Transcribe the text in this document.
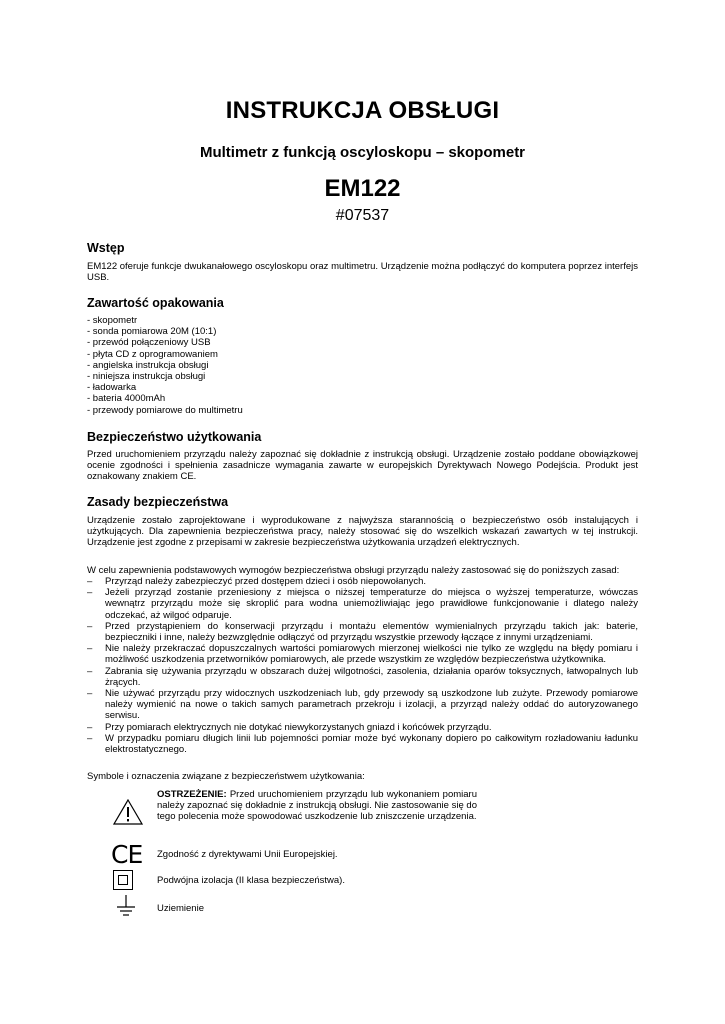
INSTRUKCJA OBSŁUGI
Multimetr z funkcją oscyloskopu – skopometr
EM122
#07537
Wstęp
EM122 oferuje funkcje dwukanałowego oscyloskopu oraz multimetru. Urządzenie można podłączyć do komputera poprzez interfejs USB.
Zawartość opakowania
- skopometr
- sonda pomiarowa 20M (10:1)
- przewód połączeniowy USB
- płyta CD z oprogramowaniem
- angielska instrukcja obsługi
- niniejsza instrukcja obsługi
- ładowarka
- bateria 4000mAh
- przewody pomiarowe do multimetru
Bezpieczeństwo użytkowania
Przed uruchomieniem przyrządu należy zapoznać się dokładnie z instrukcją obsługi. Urządzenie zostało poddane obowiązkowej ocenie zgodności i spełnienia zasadnicze wymagania zawarte w europejskich Dyrektywach Nowego Podejścia. Produkt jest oznakowany znakiem CE.
Zasady bezpieczeństwa
Urządzenie zostało zaprojektowane i wyprodukowane z najwyższa starannością o bezpieczeństwo osób instalujących i użytkujących. Dla zapewnienia bezpieczeństwa pracy, należy stosować się do wszelkich wskazań zawartych w tej instrukcji. Urządzenie jest zgodne z przepisami w zakresie bezpieczeństwa użytkowania urządzeń elektrycznych.
W celu zapewnienia podstawowych wymogów bezpieczeństwa obsługi przyrządu należy zastosować się do poniższych zasad:
– Przyrząd należy zabezpieczyć przed dostępem dzieci i osób niepowołanych.
– Jeżeli przyrząd zostanie przeniesiony z miejsca o niższej temperaturze do miejsca o wyższej temperaturze, wówczas wewnątrz przyrządu może się skroplić para wodna uniemożliwiając jego prawidłowe funkcjonowanie i dlatego należy odczekać, aż wilgoć odparuje.
– Przed przystąpieniem do konserwacji przyrządu i montażu elementów wymienialnych przyrządu takich jak: baterie, bezpieczniki i inne, należy bezwzględnie odłączyć od przyrządu wszystkie przewody łączące z innymi urządzeniami.
– Nie należy przekraczać dopuszczalnych wartości pomiarowych mierzonej wielkości nie tylko ze względu na błędy pomiaru i możliwość uszkodzenia przetworników pomiarowych, ale przede wszystkim ze względów bezpieczeństwa użytkownika.
– Zabrania się używania przyrządu w obszarach dużej wilgotności, zasolenia, działania oparów toksycznych, łatwopalnych lub żrących.
– Nie używać przyrządu przy widocznych uszkodzeniach lub, gdy przewody są uszkodzone lub zużyte. Przewody pomiarowe należy wymienić na nowe o takich samych parametrach przekroju i izolacji, a przyrząd należy oddać do autoryzowanego serwisu.
– Przy pomiarach elektrycznych nie dotykać niewykorzystanych gniazd i końcówek przyrządu.
– W przypadku pomiaru długich linii lub pojemności pomiar może być wykonany dopiero po całkowitym rozładowaniu ładunku elektrostatycznego.
Symbole i oznaczenia związane z bezpieczeństwem użytkowania:
OSTRZEŻENIE: Przed uruchomieniem przyrządu lub wykonaniem pomiaru należy zapoznać się dokładnie z instrukcją obsługi. Nie zastosowanie się do tego polecenia może spowodować uszkodzenie lub zniszczenie urządzenia.
CE Zgodność z dyrektywami Unii Europejskiej.
Podwójna izolacja (II klasa bezpieczeństwa).
Uziemienie
